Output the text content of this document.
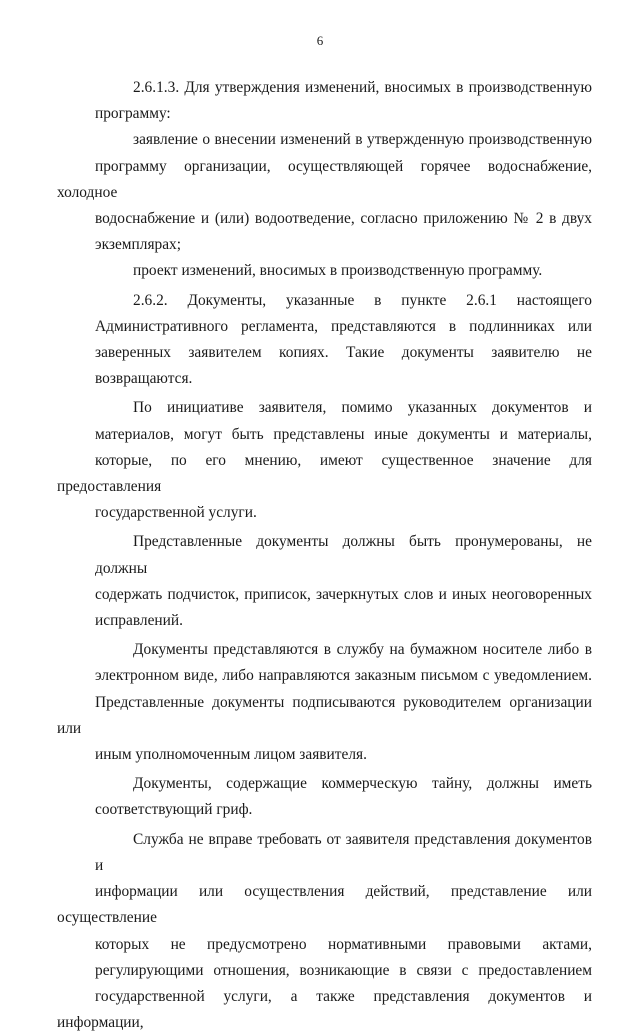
6
2.6.1.3. Для утверждения изменений, вносимых в производственную
программу:
заявление о внесении изменений в утвержденную производственную
программу организации, осуществляющей горячее водоснабжение, холодное
водоснабжение и (или) водоотведение, согласно приложению № 2 в двух
экземплярах;
проект изменений, вносимых в производственную программу.
2.6.2. Документы, указанные в пункте 2.6.1 настоящего
Административного регламента, представляются в подлинниках или
заверенных заявителем копиях. Такие документы заявителю не
возвращаются.
По инициативе заявителя, помимо указанных документов и
материалов, могут быть представлены иные документы и материалы,
которые, по его мнению, имеют существенное значение для предоставления
государственной услуги.
Представленные документы должны быть пронумерованы, не должны
содержать подчисток, приписок, зачеркнутых слов и иных неоговоренных
исправлений.
Документы представляются в службу на бумажном носителе либо в
электронном виде, либо направляются заказным письмом с уведомлением.
Представленные документы подписываются руководителем организации или
иным уполномоченным лицом заявителя.
Документы, содержащие коммерческую тайну, должны иметь
соответствующий гриф.
Служба не вправе требовать от заявителя представления документов и
информации или осуществления действий, представление или осуществление
которых не предусмотрено нормативными правовыми актами,
регулирующими отношения, возникающие в связи с предоставлением
государственной услуги, а также представления документов и информации,
